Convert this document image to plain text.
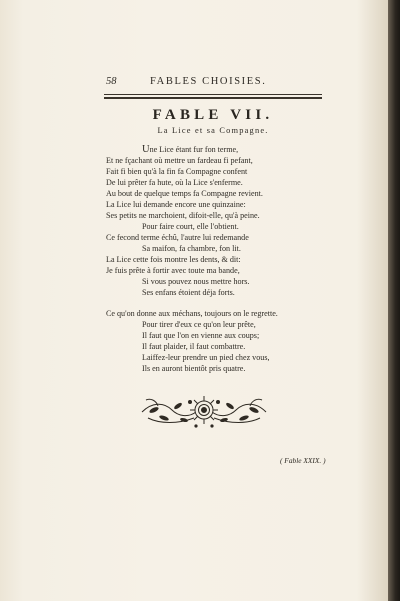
58	FABLES CHOISIES.
FABLE VII.
La Lice et sa Compagne.
Une Lice étant fur fon terme,
Et ne fçachant où mettre un fardeau fi pefant,
Fait fi bien qu'à la fin fa Compagne confent
De lui prêter fa hute, où la Lice s'enferme.
Au bout de quelque temps fa Compagne revient.
La Lice lui demande encore une quinzaine:
Ses petits ne marchoient, difoit-elle, qu'à peine.
Pour faire court, elle l'obtient.
Ce fecond terme échû, l'autre lui redemande
Sa maifon, fa chambre, fon lit.
La Lice cette fois montre les dents, & dit:
Je fuis prête à fortir avec toute ma bande,
Si vous pouvez nous mettre hors.
Ses enfans étoient déja forts.
Ce qu'on donne aux méchans, toujours on le regrette.
Pour tirer d'eux ce qu'on leur prête,
Il faut que l'on en vienne aux coups;
Il faut plaider, il faut combattre.
Laiffez-leur prendre un pied chez vous,
Ils en auront bientôt pris quatre.
( Fable XXIX. )
